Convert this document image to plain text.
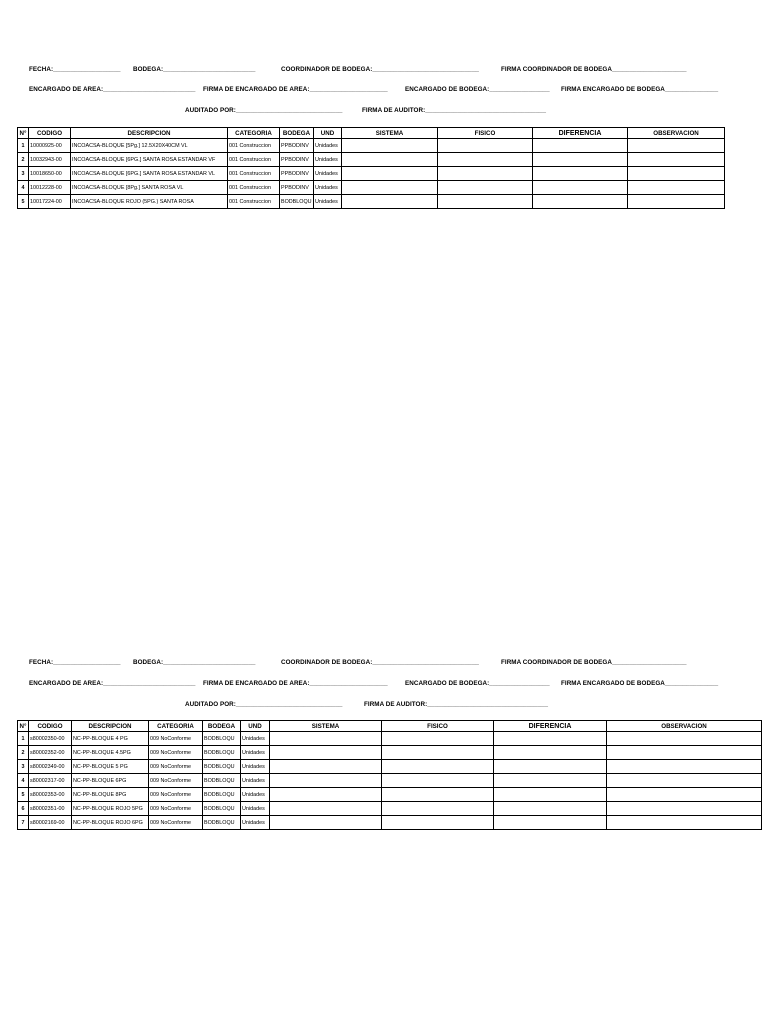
FECHA:___________________ BODEGA:__________________________	COORDINADOR DE BODEGA:______________________________	FIRMA COORDINADOR DE BODEGA_____________________
ENCARGADO DE AREA:__________________________ FIRMA DE ENCARGADO DE AREA:______________________	ENCARGADO DE BODEGA:_________________ FIRMA ENCARGADO DE BODEGA_______________
AUDITADO POR:______________________________	FIRMA DE AUDITOR:__________________________________
N°	CODIGO	DESCRIPCION	CATEGORIA	BODEGA	UND	SISTEMA	FISICO	DIFERENCIA	OBSERVACION
1	10000925-00	INCOACSA-BLOQUE [5Pg.] 12.5X20X40CM VL	001 Construccion	PPBODINV	Unidades				
2	10032943-00	INCOACSA-BLOQUE [6PG.] SANTA ROSA ESTANDAR VF	001 Construccion	PPBODINV	Unidades				
3	10018650-00	INCOACSA-BLOQUE [6PG.] SANTA ROSA ESTANDAR VL	001 Construccion	PPBODINV	Unidades				
4	10012228-00	INCOACSA-BLOQUE [8Pg.] SANTA ROSA VL	001 Construccion	PPBODINV	Unidades				
5	10017224-00	INCOACSA-BLOQUE ROJO (5PG.) SANTA ROSA	001 Construccion	BODBLOQU	Unidades				
FECHA:___________________ BODEGA:__________________________	COORDINADOR DE BODEGA:______________________________	FIRMA COORDINADOR DE BODEGA_____________________
ENCARGADO DE AREA:__________________________ FIRMA DE ENCARGADO DE AREA:______________________	ENCARGADO DE BODEGA:_________________ FIRMA ENCARGADO DE BODEGA_______________
AUDITADO POR:______________________________	FIRMA DE AUDITOR:__________________________________
N°	CODIGO	DESCRIPCION	CATEGORIA	BODEGA	UND	SISTEMA	FISICO	DIFERENCIA	OBSERVACION
1	s80002350-00	NC-PP-BLOQUE 4 PG	009 NoConforme	BODBLOQU	Unidades				
2	s80002352-00	NC-PP-BLOQUE 4.5PG	009 NoConforme	BODBLOQU	Unidades				
3	s80002349-00	NC-PP-BLOQUE 5 PG	009 NoConforme	BODBLOQU	Unidades				
4	s80002317-00	NC-PP-BLOQUE 6PG	009 NoConforme	BODBLOQU	Unidades				
5	s80002353-00	NC-PP-BLOQUE 8PG	009 NoConforme	BODBLOQU	Unidades				
6	s80002351-00	NC-PP-BLOQUE ROJO 5PG	009 NoConforme	BODBLOQU	Unidades				
7	s80002169-00	NC-PP-BLOQUE ROJO 6PG	009 NoConforme	BODBLOQU	Unidades				
